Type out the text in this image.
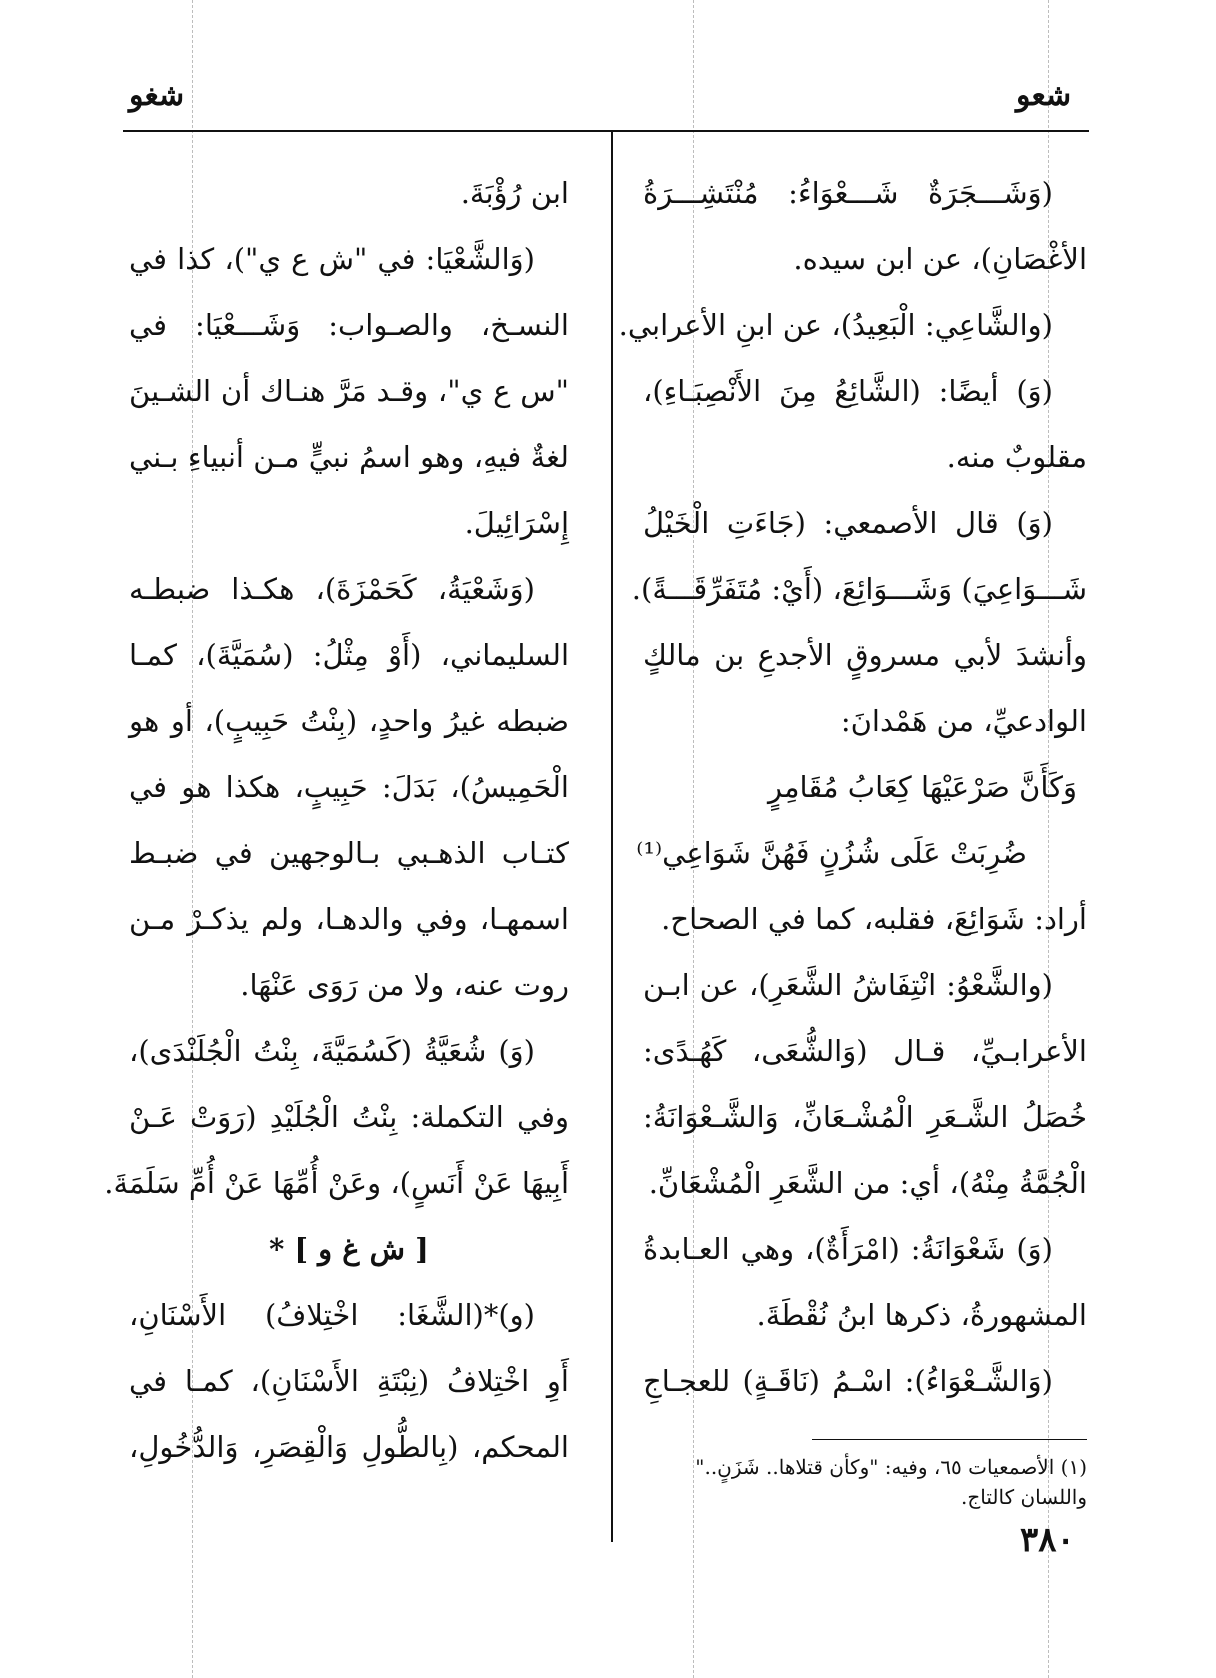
شعو
شغو
(وَشَـــجَرَةٌ شَـــعْوَاءُ: مُنْتَشِـــرَةُ
الأغْصَانِ)، عن ابن سيده.
(والشَّاعِي: الْبَعِيدُ)، عن ابنِ الأعرابي.
(وَ) أيضًا: (الشَّائِعُ مِنَ الأَنْصِبَـاءِ)،
مقلوبٌ منه.
(وَ) قال الأصمعي: (جَاءَتِ الْخَيْلُ
شَـــوَاعِيَ) وَشَـــوَائِعَ، (أَيْ: مُتَفَرِّقَـــةً).
وأنشدَ لأبي مسروقٍ الأجدعِ بن مالكٍ
الوادعيِّ، من هَمْدانَ:
وَكَأَنَّ صَرْعَيْهَا كِعَابُ مُقَامِرٍ
ضُرِبَتْ عَلَى شُزُنٍ فَهُنَّ شَوَاعِي⁽¹⁾
أراد: شَوَائِعَ، فقلبه، كما في الصحاح.
(والشَّعْوُ: انْتِفَاشُ الشَّعَرِ)، عن ابـن
الأعرابـيِّ، قـال (وَالشُّعَى، كَهُـدًى:
خُصَلُ الشَّـعَرِ الْمُشْـعَانِّ، وَالشَّـعْوَانَةُ:
الْجُمَّةُ مِنْهُ)، أي: من الشَّعَرِ الْمُشْعَانِّ.
(وَ) شَعْوَانَةُ: (امْرَأَةٌ)، وهي العـابدةُ
المشهورةُ، ذكرها ابنُ نُقْطَةَ.
(وَالشَّـعْوَاءُ): اسْـمُ (نَاقَـةٍ) للعجـاجِ
ابن رُؤْبَةَ.
(وَالشَّعْيَا: في "ش ع ي")، كذا في
النسـخ، والصـواب: وَشَـــعْيَا: في
"س ع ي"، وقـد مَرَّ هنـاك أن الشـينَ
لغةٌ فيهِ، وهو اسمُ نبيٍّ مـن أنبياءِ بـني
إِسْرَائِيلَ.
(وَشَعْيَةُ، كَحَمْزَةَ)، هكـذا ضبطـه
السليماني، (أَوْ مِثْلُ: (سُمَيَّةَ)، كمـا
ضبطه غيرُ واحدٍ، (بِنْتُ حَبِيبٍ)، أو هو
الْحَمِيسُ)، بَدَلَ: حَبِيبٍ، هكذا هو في
كتـاب الذهـبي بـالوجهين في ضبـط
اسمهـا، وفي والدهـا، ولم يذكـرْ مـن
روت عنه، ولا من رَوَى عَنْهَا.
(وَ) شُعَيَّةُ (كَسُمَيَّةَ، بِنْتُ الْجُلَنْدَى)،
وفي التكملة: بِنْتُ الْجُلَيْدِ (رَوَتْ عَـنْ
أَبِيهَا عَنْ أَنَسٍ)، وعَنْ أُمِّهَا عَنْ أُمِّ سَلَمَةَ.
[ ش غ و ] *
(و)*(الشَّغَا: اخْتِلافُ) الأَسْنَانِ،
أَوِ اخْتِلافُ (نِبْتَةِ الأَسْنَانِ)، كمـا في
المحكم، (بِالطُّولِ وَالْقِصَرِ، وَالدُّخُولِ،
(١) الأصمعيات ٦٥، وفيه: "وكأن قتلاها.. شَزَنٍ.."
واللسان كالتاج.
٣٨٠
